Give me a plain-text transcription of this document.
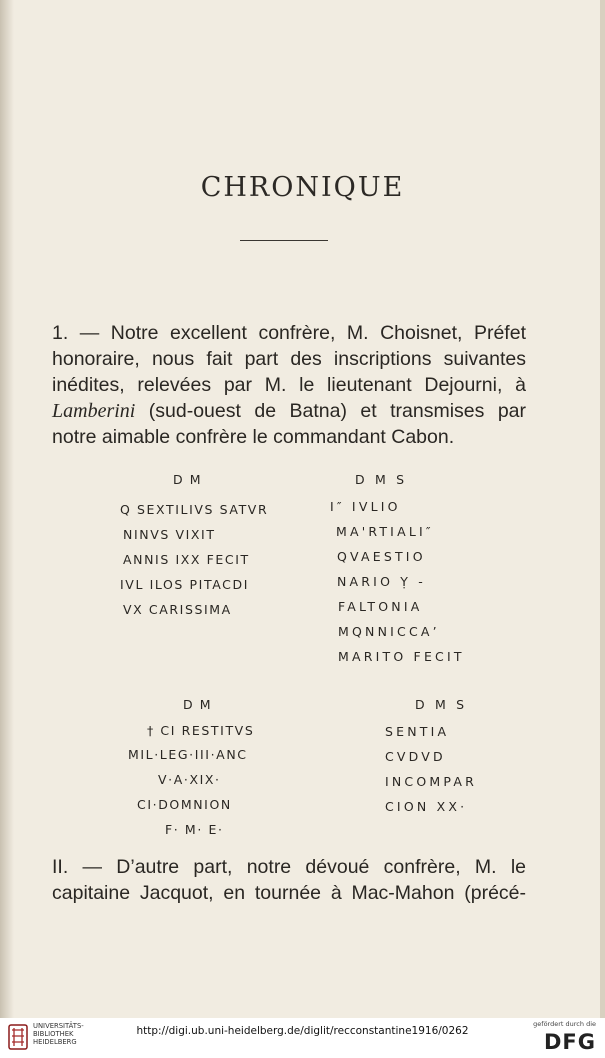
CHRONIQUE
1. — Notre excellent confrère, M. Choisnet, Préfet
honoraire, nous fait part des inscriptions suivantes
inédites, relevées par M. le lieutenant Dejourni, à
Lamberini (sud-ouest de Batna) et transmises par
notre aimable confrère le commandant Cabon.
D M
Q SEXTILIVS SATVR
NINVS VIXIT
ANNIS IXX FECIT
IVL ILOS PITACDI
VX CARISSIMA
D M S
I″ IVLIO
MA'RTIALI″
QVAESTIO
NARIO Ỵ -
FALTONIA
MQNNICCA’
MARITO FECIT
D M
† CI RESTITVS
MIL·LEG·III·ANC
V·A·XIX·
CI·DOMNION
F· M· E·
D M S
SENTIA
CVDVD
INCOMPAR
CION XX·
II. — D’autre part, notre dévoué confrère, M. le
capitaine Jacquot, en tournée à Mac-Mahon (précé-
UNIVERSITÄTS-
BIBLIOTHEK
HEIDELBERG
http://digi.ub.uni-heidelberg.de/diglit/recconstantine1916/0262
gefördert durch die
DFG
